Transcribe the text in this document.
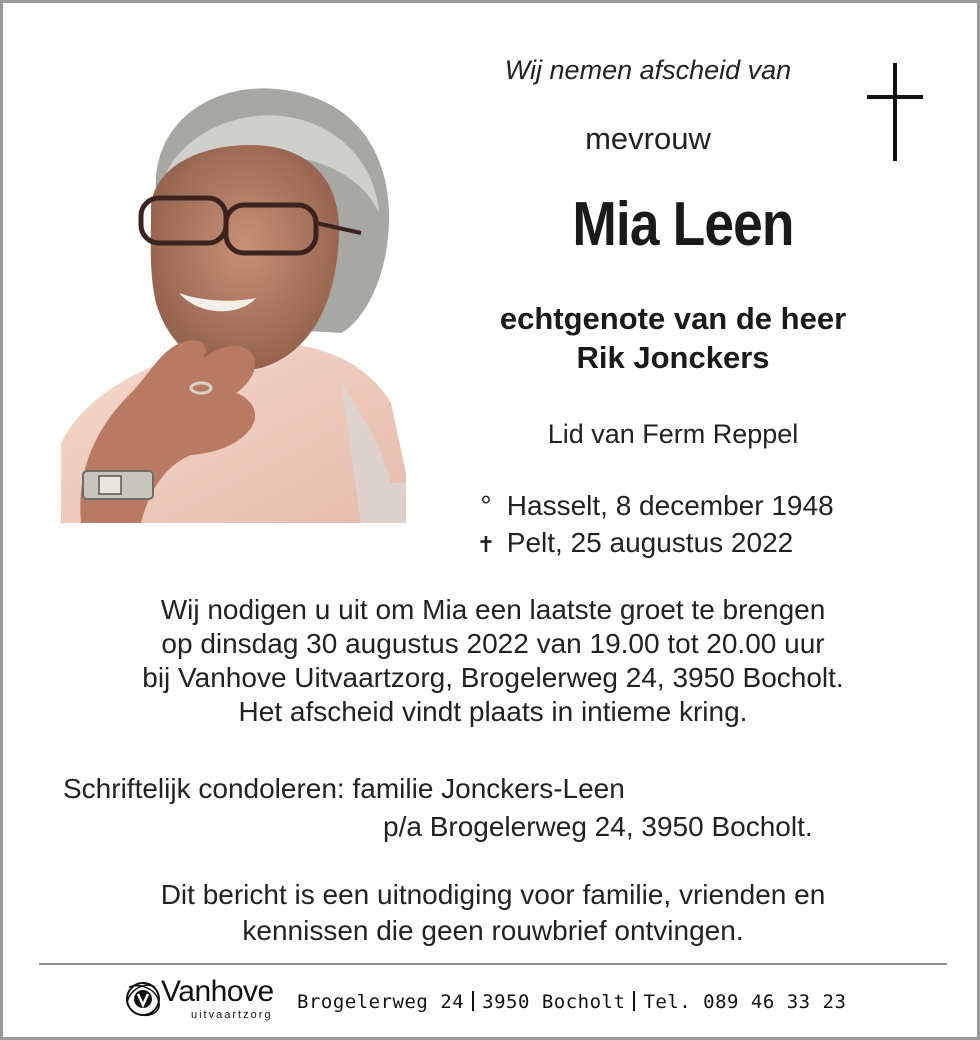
Wij nemen afscheid van
mevrouw
Mia Leen
echtgenote van de heer
Rik Jonckers
Lid van Ferm Reppel
° Hasselt, 8 december 1948
✝ Pelt, 25 augustus 2022
Wij nodigen u uit om Mia een laatste groet te brengen
op dinsdag 30 augustus 2022 van 19.00 tot 20.00 uur
bij Vanhove Uitvaartzorg, Brogelerweg 24, 3950 Bocholt.
Het afscheid vindt plaats in intieme kring.
Schriftelijk condoleren: familie Jonckers-Leen
p/a Brogelerweg 24, 3950 Bocholt.
Dit bericht is een uitnodiging voor familie, vrienden en
kennissen die geen rouwbrief ontvingen.
Vanhove
uitvaartzorg
Brogelerweg 24 3950 Bocholt Tel. 089 46 33 23
